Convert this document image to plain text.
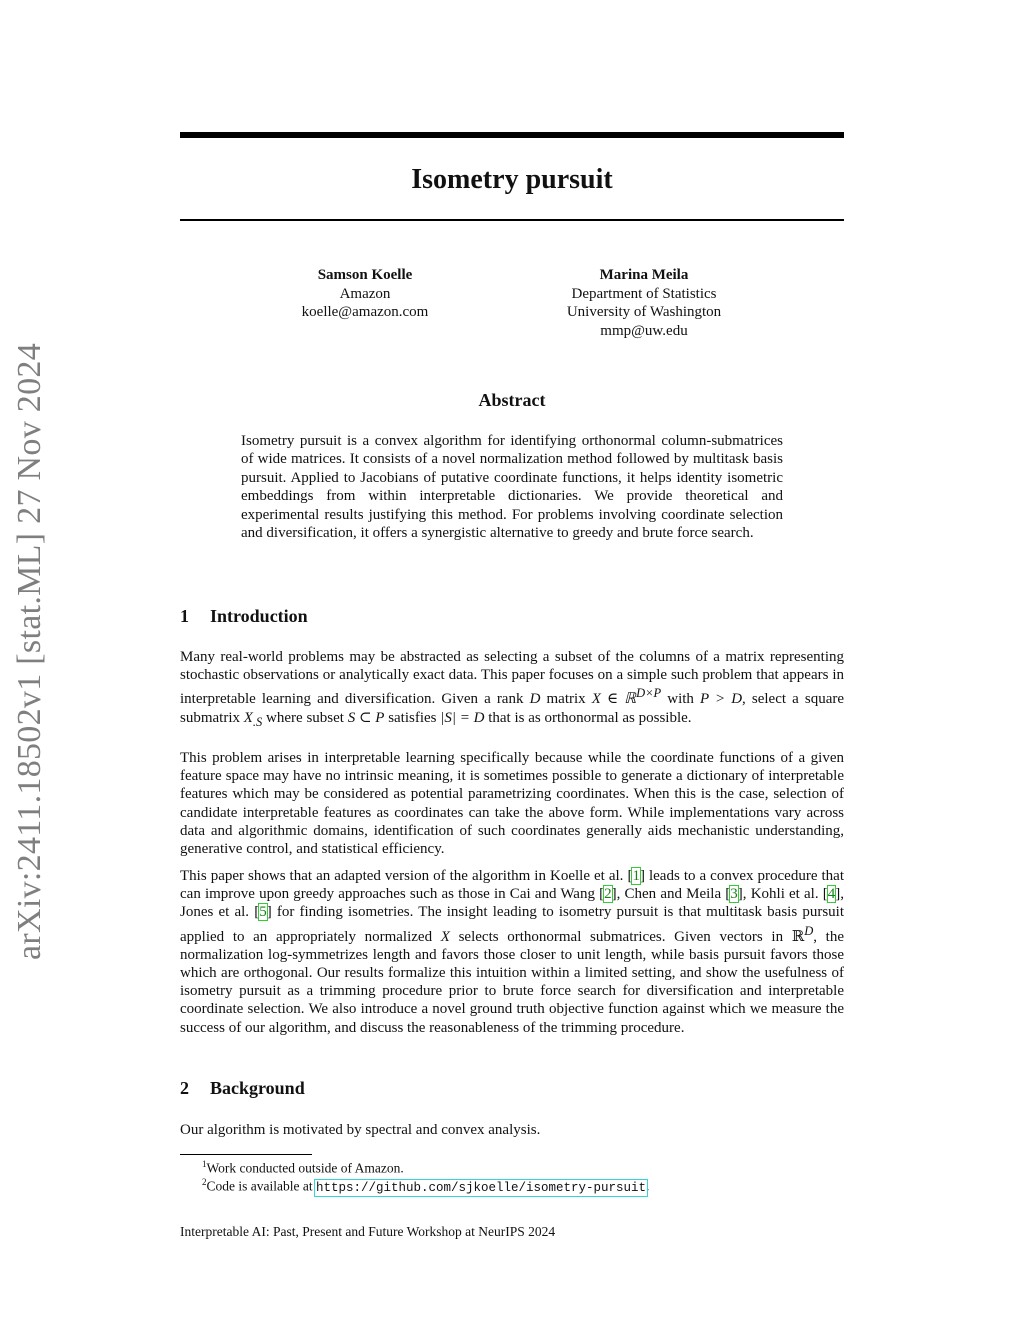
arXiv:2411.18502v1 [stat.ML] 27 Nov 2024
Isometry pursuit
Samson Koelle
Amazon
koelle@amazon.com
Marina Meila
Department of Statistics
University of Washington
mmp@uw.edu
Abstract

Isometry pursuit is a convex algorithm for identifying orthonormal column-submatrices of wide matrices. It consists of a novel normalization method followed by multitask basis pursuit. Applied to Jacobians of putative coordinate functions, it helps identity isometric embeddings from within interpretable dictionaries. We provide theoretical and experimental results justifying this method. For problems involving coordinate selection and diversification, it offers a synergistic alternative to greedy and brute force search.

1 Introduction

Many real-world problems may be abstracted as selecting a subset of the columns of a matrix representing stochastic observations or analytically exact data. This paper focuses on a simple such problem that appears in interpretable learning and diversification. Given a rank D matrix X ∈ ℝ$^{D\times P}$ with P > D, select a square submatrix $X_{.S}$ where subset S ⊂ P satisfies |S| = D that is as orthonormal as possible.

This problem arises in interpretable learning specifically because while the coordinate functions of a given feature space may have no intrinsic meaning, it is sometimes possible to generate a dictionary of interpretable features which may be considered as potential parametrizing coordinates. When this is the case, selection of candidate interpretable features as coordinates can take the above form. While implementations vary across data and algorithmic domains, identification of such coordinates generally aids mechanistic understanding, generative control, and statistical efficiency.

This paper shows that an adapted version of the algorithm in Koelle et al. [1] leads to a convex procedure that can improve upon greedy approaches such as those in Cai and Wang [2], Chen and Meila [3], Kohli et al. [4], Jones et al. [5] for finding isometries. The insight leading to isometry pursuit is that multitask basis pursuit applied to an appropriately normalized X selects orthonormal submatrices. Given vectors in ℝ$^D$, the normalization log-symmetrizes length and favors those closer to unit length, while basis pursuit favors those which are orthogonal. Our results formalize this intuition within a limited setting, and show the usefulness of isometry pursuit as a trimming procedure prior to brute force search for diversification and interpretable coordinate selection. We also introduce a novel ground truth objective function against which we measure the success of our algorithm, and discuss the reasonableness of the trimming procedure.

2 Background

Our algorithm is motivated by spectral and convex analysis.

$^1$Work conducted outside of Amazon.

$^2$Code is available at https://github.com/sjkoelle/isometry-pursuit.

Interpretable AI: Past, Present and Future Workshop at NeurIPS 2024
